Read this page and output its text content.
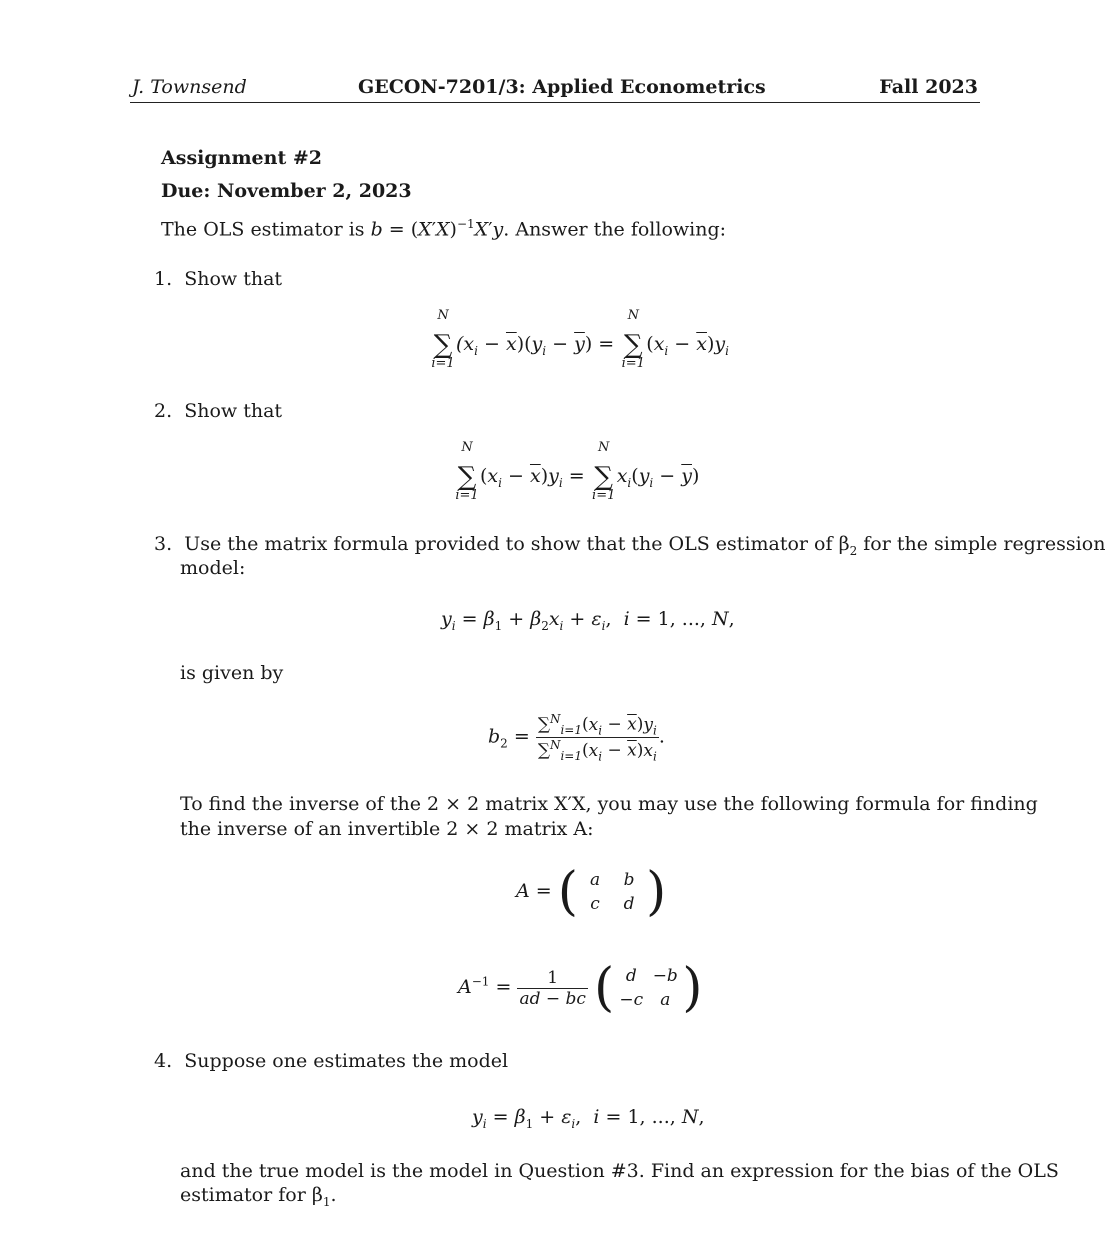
J. Townsend	GECON-7201/3: Applied Econometrics	Fall 2023
Assignment #2
Due: November 2, 2023
The OLS estimator is $b = (X'X)^{-1}X'y$. Answer the following:
1. Show that
N
∑
i=1
$(x_i - \overline{x})(y_i - \overline{y})$ =
N
∑
i=1
$(x_i - \overline{x})y_i$
2. Show that
N
∑
i=1
$(x_i - \overline{x})y_i$ =
N
∑
i=1
$x_i(y_i - \overline{y})$
3. Use the matrix formula provided to show that the OLS estimator of $\beta_2$ for the simple regression
model:
$y_i = \beta_1 + \beta_2x_i + \varepsilon_i$,  i = 1, ..., N,
is given by
$b_2 = \frac{\sum^N_{i=1}(x_i - \overline{x})y_i}{\sum^N_{i=1}(x_i - \overline{x})x_i}$ .
To find the inverse of the 2 × 2 matrix X′X, you may use the following formula for finding
the inverse of an invertible 2 × 2 matrix A:
A = ( a	b
c	d )
$A^{-1} = \frac{1}{ad - bc}$ ( d −b
−c	a )
4. Suppose one estimates the model
$y_i = \beta_1 + \varepsilon_i$,  i = 1, ..., N,
and the true model is the model in Question #3. Find an expression for the bias of the OLS
estimator for $\beta_1$.
